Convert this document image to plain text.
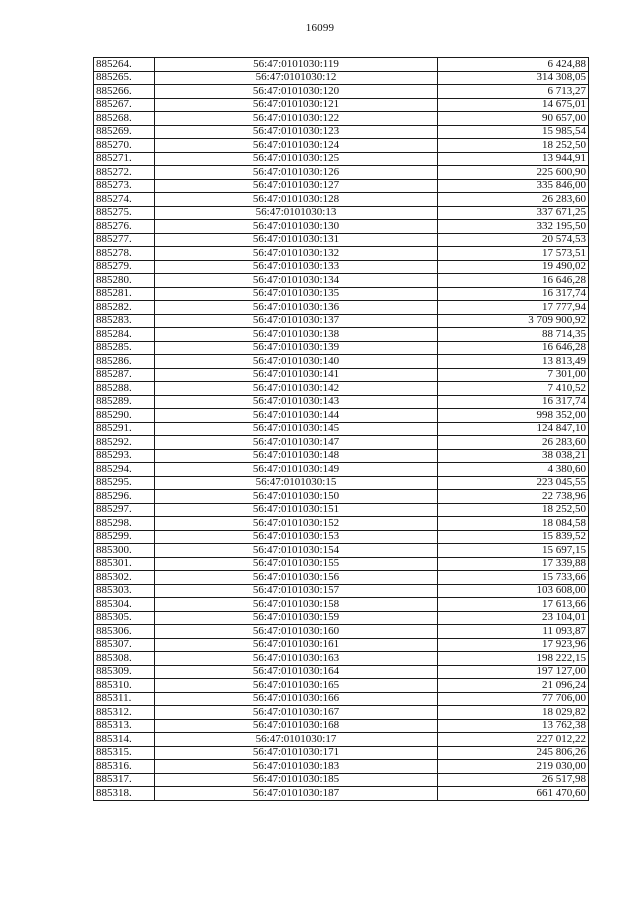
16099
885264.	56:47:0101030:119	6 424,88
885265.	56:47:0101030:12	314 308,05
885266.	56:47:0101030:120	6 713,27
885267.	56:47:0101030:121	14 675,01
885268.	56:47:0101030:122	90 657,00
885269.	56:47:0101030:123	15 985,54
885270.	56:47:0101030:124	18 252,50
885271.	56:47:0101030:125	13 944,91
885272.	56:47:0101030:126	225 600,90
885273.	56:47:0101030:127	335 846,00
885274.	56:47:0101030:128	26 283,60
885275.	56:47:0101030:13	337 671,25
885276.	56:47:0101030:130	332 195,50
885277.	56:47:0101030:131	20 574,53
885278.	56:47:0101030:132	17 573,51
885279.	56:47:0101030:133	19 490,02
885280.	56:47:0101030:134	16 646,28
885281.	56:47:0101030:135	16 317,74
885282.	56:47:0101030:136	17 777,94
885283.	56:47:0101030:137	3 709 900,92
885284.	56:47:0101030:138	88 714,35
885285.	56:47:0101030:139	16 646,28
885286.	56:47:0101030:140	13 813,49
885287.	56:47:0101030:141	7 301,00
885288.	56:47:0101030:142	7 410,52
885289.	56:47:0101030:143	16 317,74
885290.	56:47:0101030:144	998 352,00
885291.	56:47:0101030:145	124 847,10
885292.	56:47:0101030:147	26 283,60
885293.	56:47:0101030:148	38 038,21
885294.	56:47:0101030:149	4 380,60
885295.	56:47:0101030:15	223 045,55
885296.	56:47:0101030:150	22 738,96
885297.	56:47:0101030:151	18 252,50
885298.	56:47:0101030:152	18 084,58
885299.	56:47:0101030:153	15 839,52
885300.	56:47:0101030:154	15 697,15
885301.	56:47:0101030:155	17 339,88
885302.	56:47:0101030:156	15 733,66
885303.	56:47:0101030:157	103 608,00
885304.	56:47:0101030:158	17 613,66
885305.	56:47:0101030:159	23 104,01
885306.	56:47:0101030:160	11 093,87
885307.	56:47:0101030:161	17 923,96
885308.	56:47:0101030:163	198 222,15
885309.	56:47:0101030:164	197 127,00
885310.	56:47:0101030:165	21 096,24
885311.	56:47:0101030:166	77 706,00
885312.	56:47:0101030:167	18 029,82
885313.	56:47:0101030:168	13 762,38
885314.	56:47:0101030:17	227 012,22
885315.	56:47:0101030:171	245 806,26
885316.	56:47:0101030:183	219 030,00
885317.	56:47:0101030:185	26 517,98
885318.	56:47:0101030:187	661 470,60
